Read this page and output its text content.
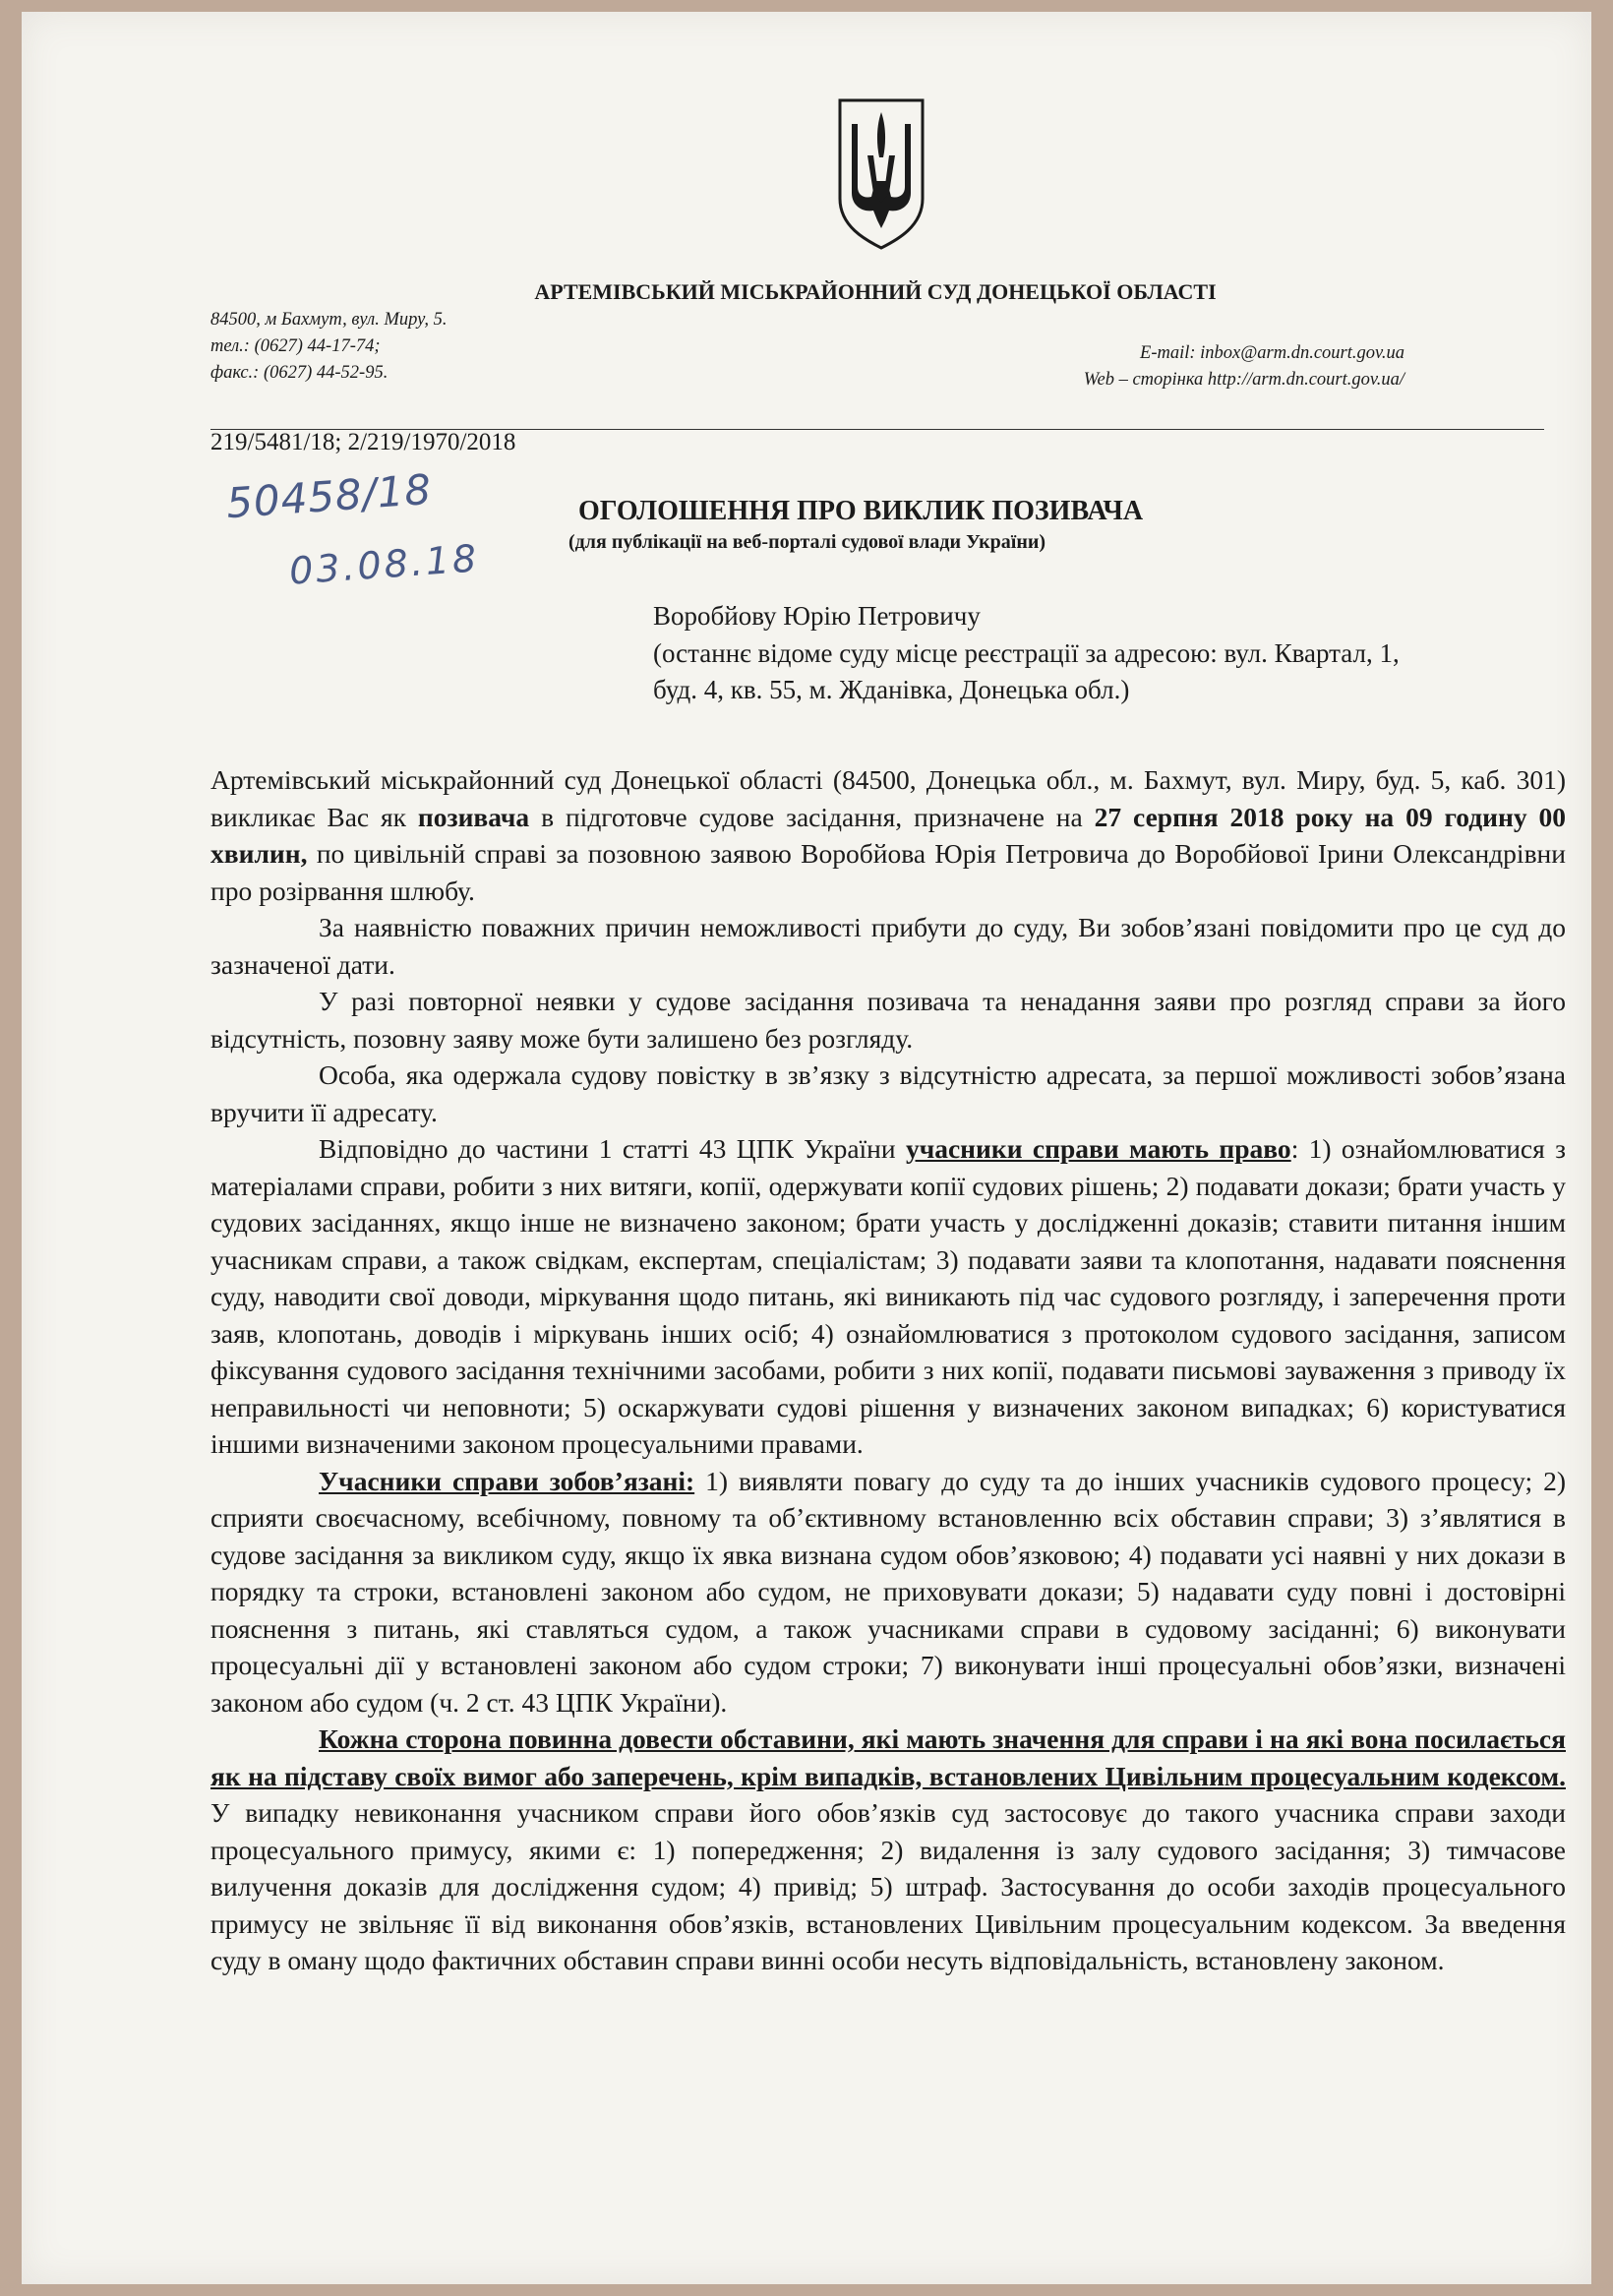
АРТЕМІВСЬКИЙ МІСЬКРАЙОННИЙ СУД ДОНЕЦЬКОЇ ОБЛАСТІ
84500, м Бахмут, вул. Миру, 5.
тел.: (0627) 44-17-74;
факс.: (0627) 44-52-95.
E-mail: inbox@arm.dn.court.gov.ua
Web – сторінка http://arm.dn.court.gov.ua/
219/5481/18; 2/219/1970/2018
50458/18
03.08.18
ОГОЛОШЕННЯ ПРО ВИКЛИК ПОЗИВАЧА
(для публікації на веб-порталі судової влади України)
Воробйову Юрію Петровичу
(останнє відоме суду місце реєстрації за адресою: вул. Квартал, 1,
буд. 4, кв. 55, м. Жданівка, Донецька обл.)

Артемівський міськрайонний суд Донецької області (84500, Донецька обл., м. Бахмут, вул. Миру, буд. 5, каб. 301) викликає Вас як позивача в підготовче судове засідання, призначене на 27 серпня 2018 року на 09 годину 00 хвилин, по цивільній справі за позовною заявою Воробйова Юрія Петровича до Воробйової Ірини Олександрівни про розірвання шлюбу.

За наявністю поважних причин неможливості прибути до суду, Ви зобов’язані повідомити про це суд до зазначеної дати.

У разі повторної неявки у судове засідання позивача та ненадання заяви про розгляд справи за його відсутність, позовну заяву може бути залишено без розгляду.

Особа, яка одержала судову повістку в зв’язку з відсутністю адресата, за першої можливості зобов’язана вручити її адресату.

Відповідно до частини 1 статті 43 ЦПК України учасники справи мають право: 1) ознайомлюватися з матеріалами справи, робити з них витяги, копії, одержувати копії судових рішень; 2) подавати докази; брати участь у судових засіданнях, якщо інше не визначено законом; брати участь у дослідженні доказів; ставити питання іншим учасникам справи, а також свідкам, експертам, спеціалістам; 3) подавати заяви та клопотання, надавати пояснення суду, наводити свої доводи, міркування щодо питань, які виникають під час судового розгляду, і заперечення проти заяв, клопотань, доводів і міркувань інших осіб; 4) ознайомлюватися з протоколом судового засідання, записом фіксування судового засідання технічними засобами, робити з них копії, подавати письмові зауваження з приводу їх неправильності чи неповноти; 5) оскаржувати судові рішення у визначених законом випадках; 6) користуватися іншими визначеними законом процесуальними правами.

Учасники справи зобов’язані: 1) виявляти повагу до суду та до інших учасників судового процесу; 2) сприяти своєчасному, всебічному, повному та об’єктивному встановленню всіх обставин справи; 3) з’являтися в судове засідання за викликом суду, якщо їх явка визнана судом обов’язковою; 4) подавати усі наявні у них докази в порядку та строки, встановлені законом або судом, не приховувати докази; 5) надавати суду повні і достовірні пояснення з питань, які ставляться судом, а також учасниками справи в судовому засіданні; 6) виконувати процесуальні дії у встановлені законом або судом строки; 7) виконувати інші процесуальні обов’язки, визначені законом або судом (ч. 2 ст. 43 ЦПК України).

Кожна сторона повинна довести обставини, які мають значення для справи і на які вона посилається як на підставу своїх вимог або заперечень, крім випадків, встановлених Цивільним процесуальним кодексом. У випадку невиконання учасником справи його обов’язків суд застосовує до такого учасника справи заходи процесуального примусу, якими є: 1) попередження; 2) видалення із залу судового засідання; 3) тимчасове вилучення доказів для дослідження судом; 4) привід; 5) штраф. Застосування до особи заходів процесуального примусу не звільняє її від виконання обов’язків, встановлених Цивільним процесуальним кодексом. За введення суду в оману щодо фактичних обставин справи винні особи несуть відповідальність, встановлену законом.
